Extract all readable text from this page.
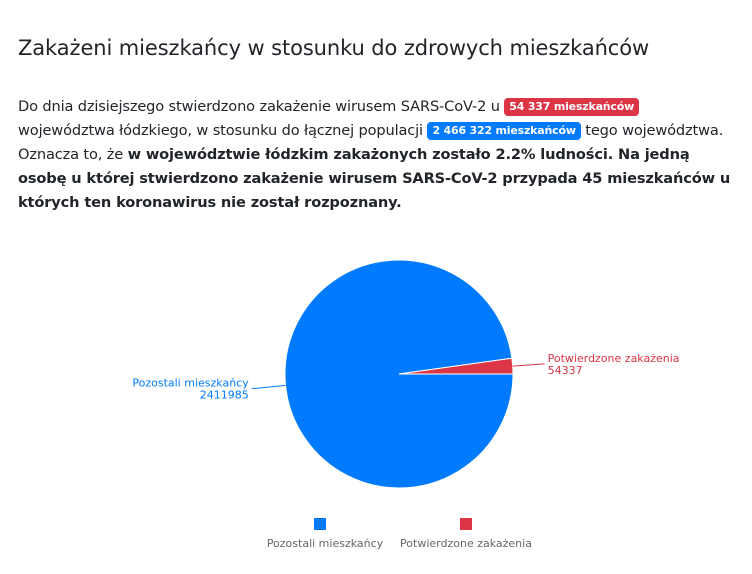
Zakażeni mieszkańcy w stosunku do zdrowych mieszkańców

Do dnia dzisiejszego stwierdzono zakażenie wirusem SARS-CoV-2 u 54 337 mieszkańców województwa łódzkiego, w stosunku do łącznej populacji 2 466 322 mieszkańców tego województwa. Oznacza to, że w województwie łódzkim zakażonych zostało 2.2% ludności. Na jedną osobę u której stwierdzono zakażenie wirusem SARS-CoV-2 przypada 45 mieszkańców u których ten koronawirus nie został rozpoznany.

Pozostali mieszkańcy
2411985
Potwierdzone zakażenia
54337
Pozostali mieszkańcy Potwierdzone zakażenia
